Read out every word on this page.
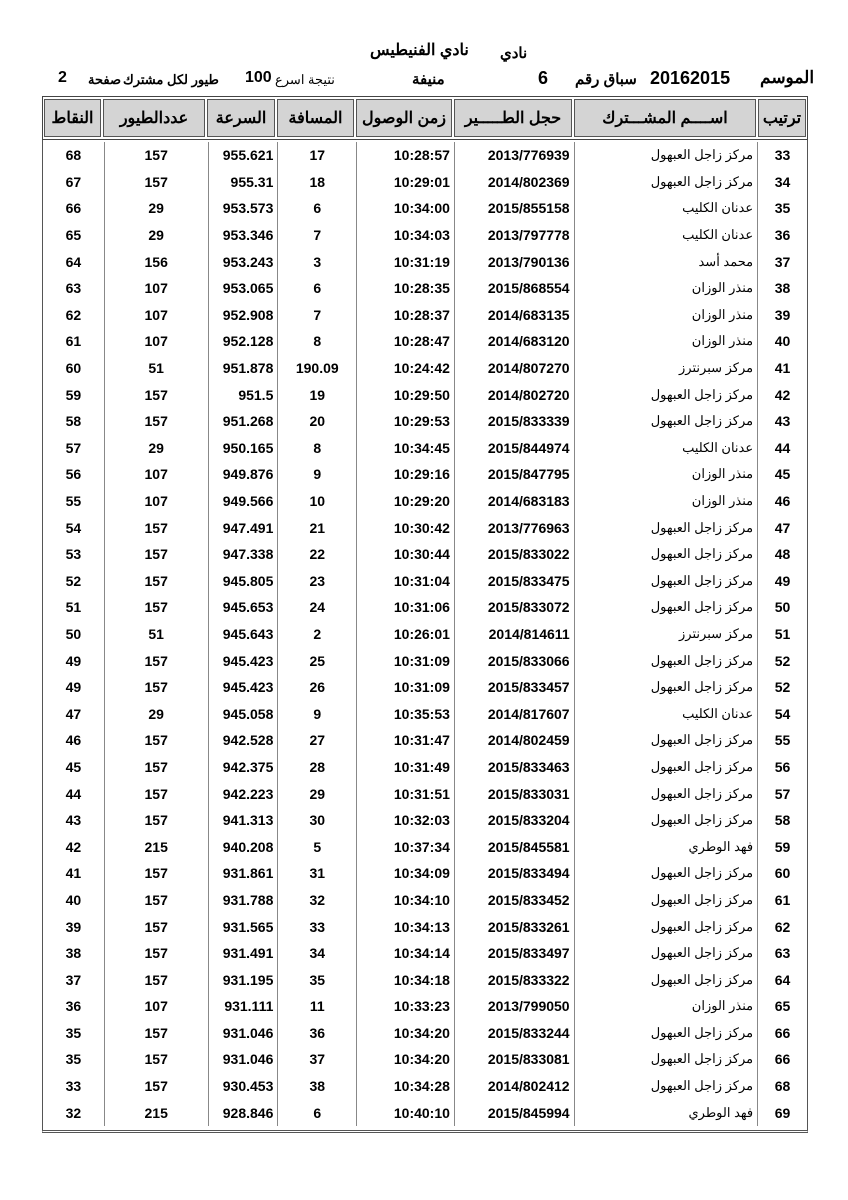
نادي
نادي الفنيطيس
الموسم
20162015
سباق رقم
6
منيفة
نتيجة اسرع
100
طيور لكل مشترك
صفحة
2
ترتيب
اســــم المشـــترك
حجل الطـــــير
زمن الوصول
المسافة
السرعة
عددالطيور
النقاط
33
مركز زاجل العبهول
2013/776939
10:28:57
17
955.621
157
68
34
مركز زاجل العبهول
2014/802369
10:29:01
18
955.31
157
67
35
عدنان الكليب
2015/855158
10:34:00
6
953.573
29
66
36
عدنان الكليب
2013/797778
10:34:03
7
953.346
29
65
37
محمد أسد
2013/790136
10:31:19
3
953.243
156
64
38
منذر الوزان
2015/868554
10:28:35
6
953.065
107
63
39
منذر الوزان
2014/683135
10:28:37
7
952.908
107
62
40
منذر الوزان
2014/683120
10:28:47
8
952.128
107
61
41
مركز سبرنترز
2014/807270
10:24:42
190.09
951.878
51
60
42
مركز زاجل العبهول
2014/802720
10:29:50
19
951.5
157
59
43
مركز زاجل العبهول
2015/833339
10:29:53
20
951.268
157
58
44
عدنان الكليب
2015/844974
10:34:45
8
950.165
29
57
45
منذر الوزان
2015/847795
10:29:16
9
949.876
107
56
46
منذر الوزان
2014/683183
10:29:20
10
949.566
107
55
47
مركز زاجل العبهول
2013/776963
10:30:42
21
947.491
157
54
48
مركز زاجل العبهول
2015/833022
10:30:44
22
947.338
157
53
49
مركز زاجل العبهول
2015/833475
10:31:04
23
945.805
157
52
50
مركز زاجل العبهول
2015/833072
10:31:06
24
945.653
157
51
51
مركز سبرنترز
2014/814611
10:26:01
2
945.643
51
50
52
مركز زاجل العبهول
2015/833066
10:31:09
25
945.423
157
49
52
مركز زاجل العبهول
2015/833457
10:31:09
26
945.423
157
49
54
عدنان الكليب
2014/817607
10:35:53
9
945.058
29
47
55
مركز زاجل العبهول
2014/802459
10:31:47
27
942.528
157
46
56
مركز زاجل العبهول
2015/833463
10:31:49
28
942.375
157
45
57
مركز زاجل العبهول
2015/833031
10:31:51
29
942.223
157
44
58
مركز زاجل العبهول
2015/833204
10:32:03
30
941.313
157
43
59
فهد الوطري
2015/845581
10:37:34
5
940.208
215
42
60
مركز زاجل العبهول
2015/833494
10:34:09
31
931.861
157
41
61
مركز زاجل العبهول
2015/833452
10:34:10
32
931.788
157
40
62
مركز زاجل العبهول
2015/833261
10:34:13
33
931.565
157
39
63
مركز زاجل العبهول
2015/833497
10:34:14
34
931.491
157
38
64
مركز زاجل العبهول
2015/833322
10:34:18
35
931.195
157
37
65
منذر الوزان
2013/799050
10:33:23
11
931.111
107
36
66
مركز زاجل العبهول
2015/833244
10:34:20
36
931.046
157
35
66
مركز زاجل العبهول
2015/833081
10:34:20
37
931.046
157
35
68
مركز زاجل العبهول
2014/802412
10:34:28
38
930.453
157
33
69
فهد الوطري
2015/845994
10:40:10
6
928.846
215
32
